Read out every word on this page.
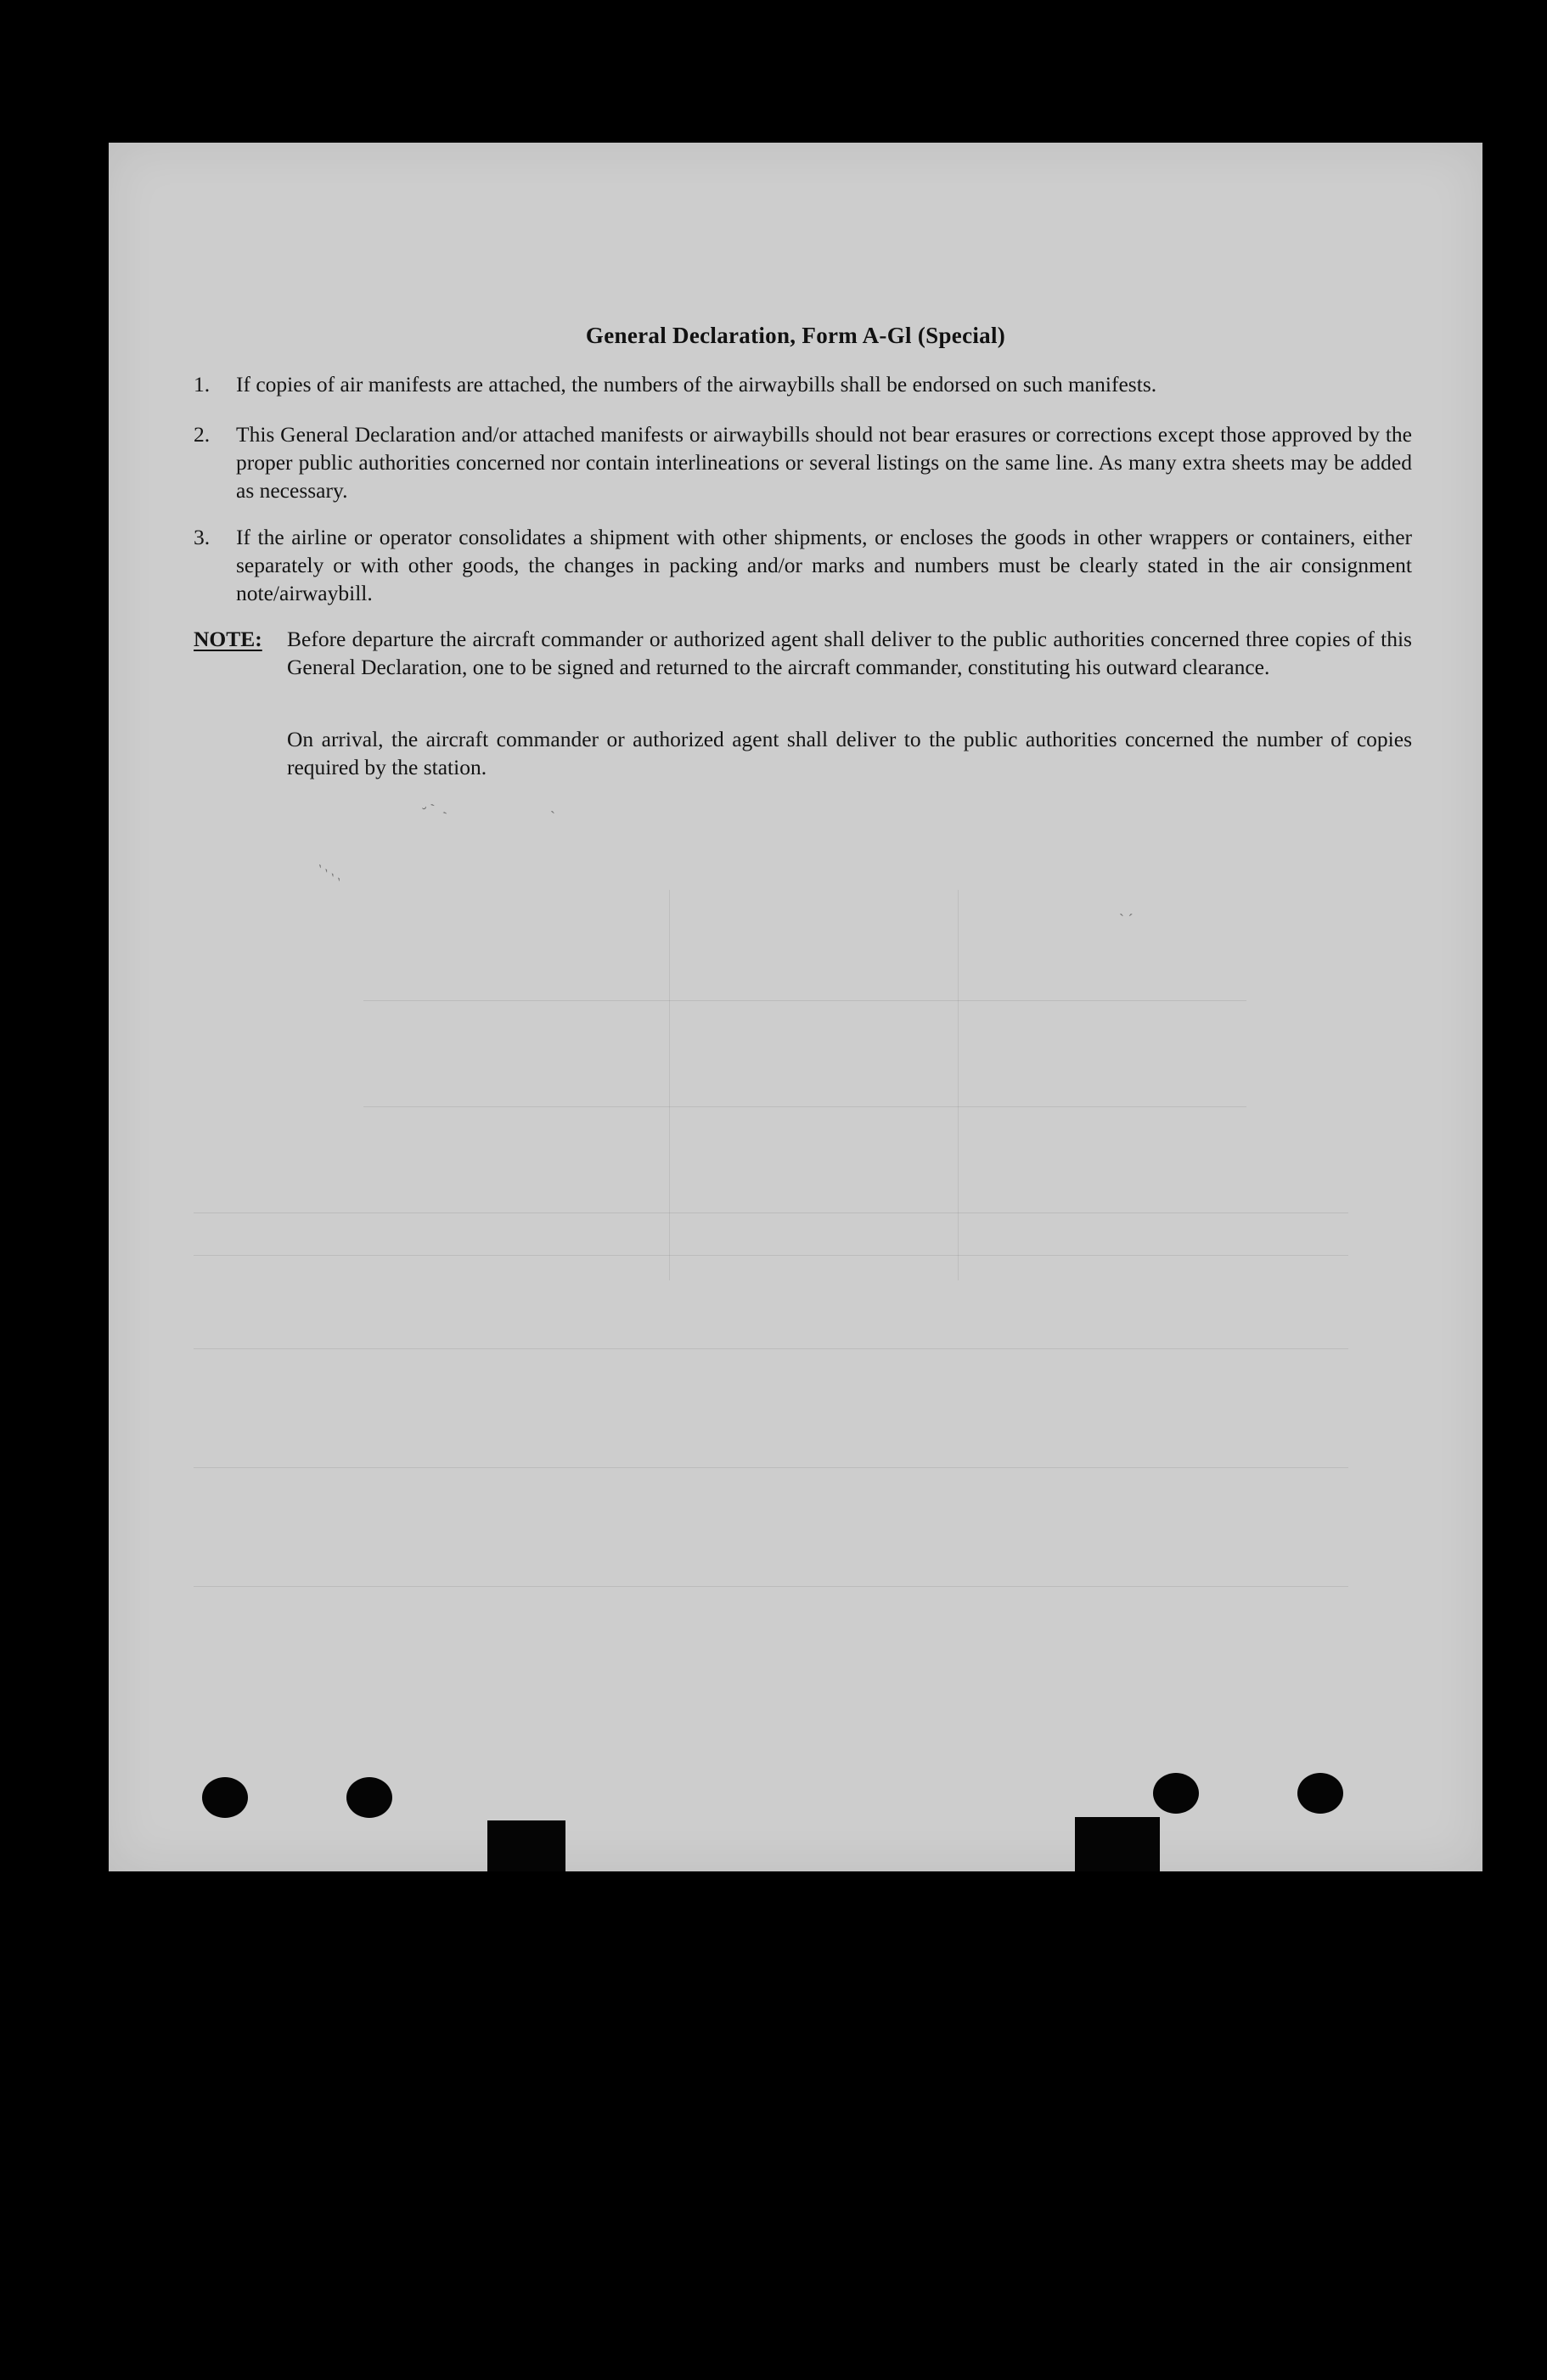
General Declaration, Form A-Gl (Special)
1.	If copies of air manifests are attached, the numbers of the airwaybills shall be endorsed on such manifests.
2.	This General Declaration and/or attached manifests or airwaybills should not bear erasures or corrections except those approved by the proper public authorities concerned nor contain interlineations or several listings on the same line. As many extra sheets may be added as necessary.
3.	If the airline or operator consolidates a shipment with other shipments, or encloses the goods in other wrappers or containers, either separately or with other goods, the changes in packing and/or marks and numbers must be clearly stated in the air consignment note/airwaybill.
NOTE: Before departure the aircraft commander or authorized agent shall deliver to the public authorities concerned three copies of this General Declaration, one to be signed and returned to the aircraft commander, constituting his outward clearance.
On arrival, the aircraft commander or authorized agent shall deliver to the public authorities concerned the number of copies required by the station.
˘ ` ˏ	ˎ
ˋˋˋˋ
ˋ ˊ
